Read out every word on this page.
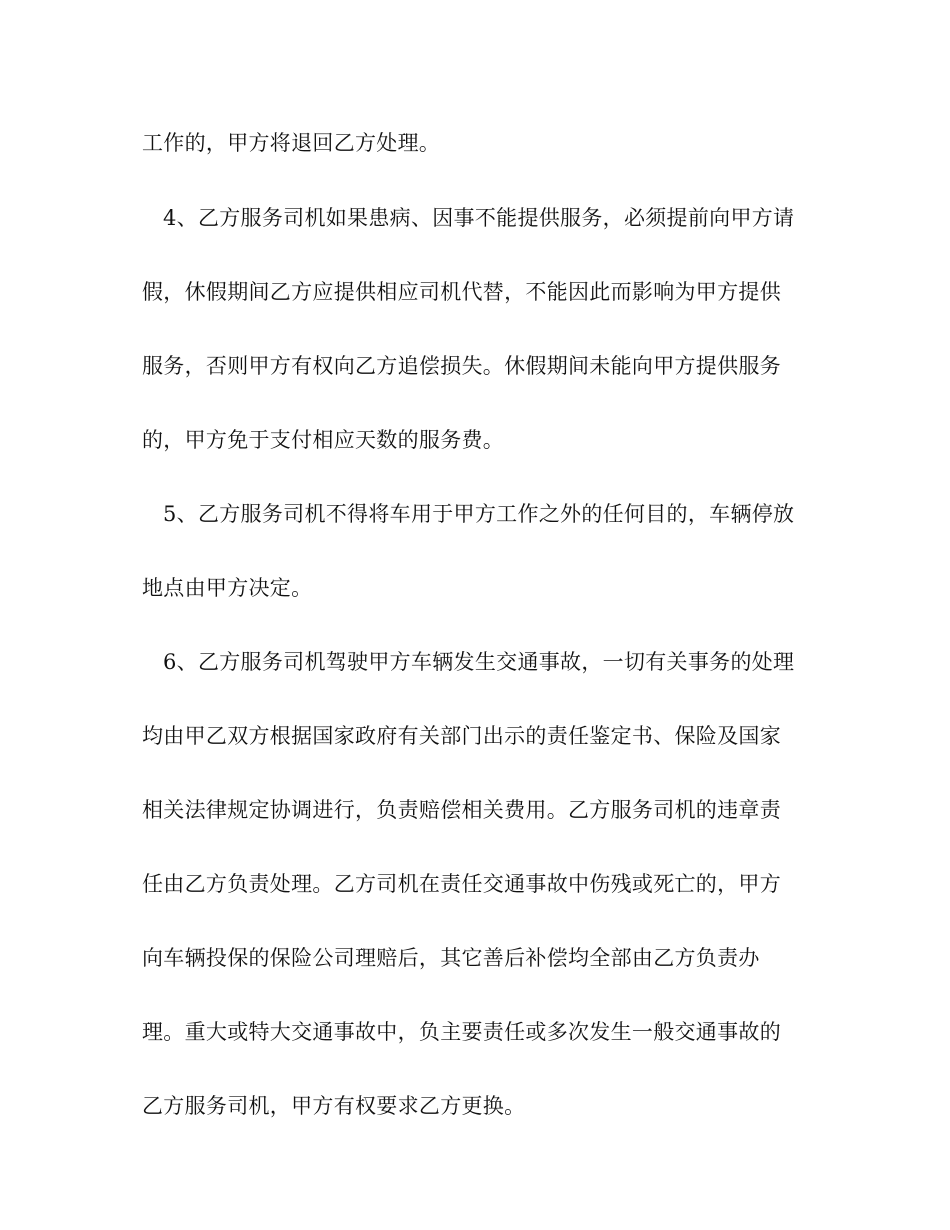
工作的，甲方将退回乙方处理。
4、乙方服务司机如果患病、因事不能提供服务，必须提前向甲方请
假，休假期间乙方应提供相应司机代替，不能因此而影响为甲方提供
服务，否则甲方有权向乙方追偿损失。休假期间未能向甲方提供服务
的，甲方免于支付相应天数的服务费。
5、乙方服务司机不得将车用于甲方工作之外的任何目的，车辆停放
地点由甲方决定。
6、乙方服务司机驾驶甲方车辆发生交通事故，一切有关事务的处理
均由甲乙双方根据国家政府有关部门出示的责任鉴定书、保险及国家
相关法律规定协调进行，负责赔偿相关费用。乙方服务司机的违章责
任由乙方负责处理。乙方司机在责任交通事故中伤残或死亡的，甲方
向车辆投保的保险公司理赔后，其它善后补偿均全部由乙方负责办
理。重大或特大交通事故中，负主要责任或多次发生一般交通事故的
乙方服务司机，甲方有权要求乙方更换。
